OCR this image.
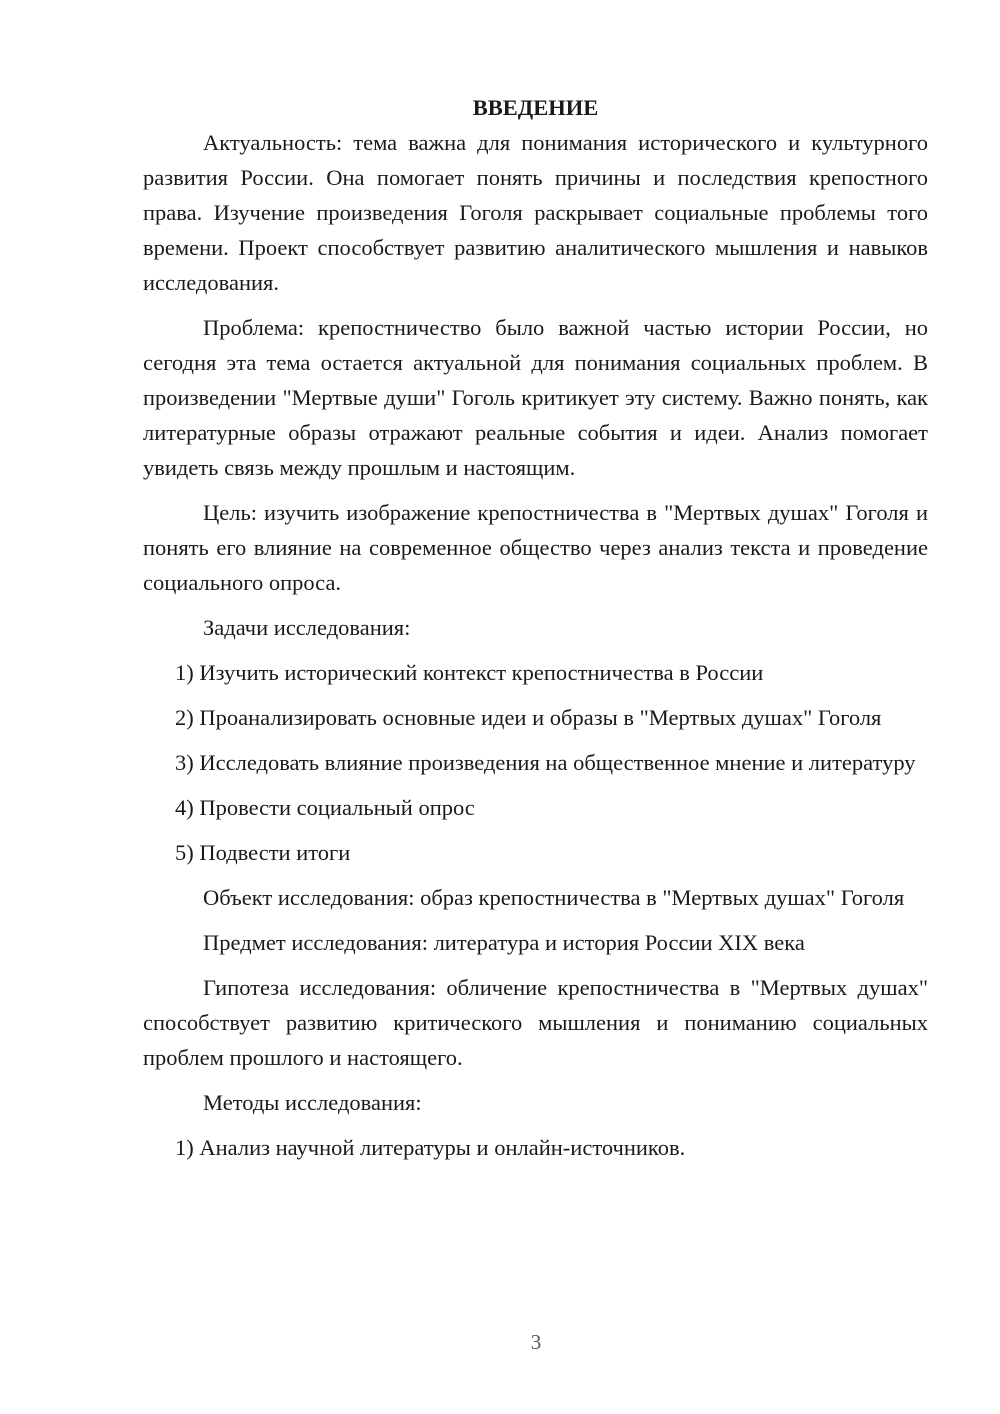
ВВЕДЕНИЕ

Актуальность: тема важна для понимания исторического и культурного развития России. Она помогает понять причины и последствия крепостного права. Изучение произведения Гоголя раскрывает социальные проблемы того времени. Проект способствует развитию аналитического мышления и навыков исследования.

Проблема: крепостничество было важной частью истории России, но сегодня эта тема остается актуальной для понимания социальных проблем. В произведении "Мертвые души" Гоголь критикует эту систему. Важно понять, как литературные образы отражают реальные события и идеи. Анализ помогает увидеть связь между прошлым и настоящим.

Цель: изучить изображение крепостничества в "Мертвых душах" Гоголя и понять его влияние на современное общество через анализ текста и проведение социального опроса.

Задачи исследования:

1) Изучить исторический контекст крепостничества в России

2) Проанализировать основные идеи и образы в "Мертвых душах" Гоголя

3) Исследовать влияние произведения на общественное мнение и литературу

4) Провести социальный опрос

5) Подвести итоги

Объект исследования: образ крепостничества в "Мертвых душах" Гоголя

Предмет исследования: литература и история России XIX века

Гипотеза исследования: обличение крепостничества в "Мертвых душах" способствует развитию критического мышления и пониманию социальных проблем прошлого и настоящего.

Методы исследования:

1) Анализ научной литературы и онлайн-источников.

3
